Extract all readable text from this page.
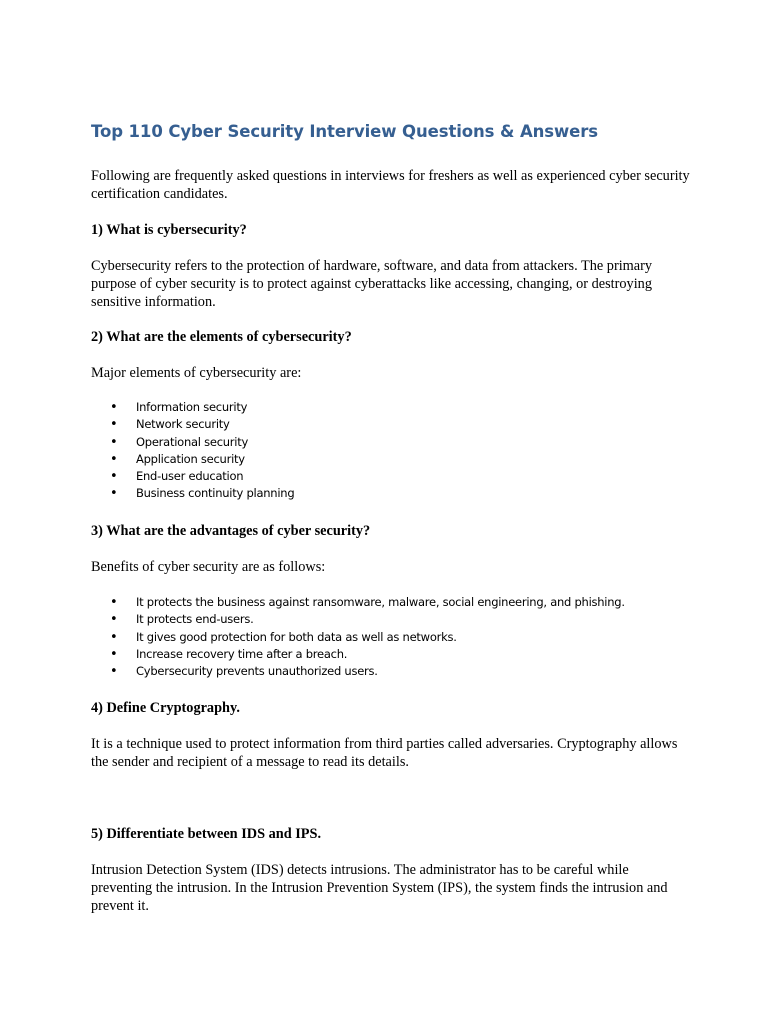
Top 110 Cyber Security Interview Questions & Answers

Following are frequently asked questions in interviews for freshers as well as experienced cyber security certification candidates.

1) What is cybersecurity?

Cybersecurity refers to the protection of hardware, software, and data from attackers. The primary purpose of cyber security is to protect against cyberattacks like accessing, changing, or destroying sensitive information.

2) What are the elements of cybersecurity?

Major elements of cybersecurity are:

• Information security
• Network security
• Operational security
• Application security
• End-user education
• Business continuity planning

3) What are the advantages of cyber security?

Benefits of cyber security are as follows:

• It protects the business against ransomware, malware, social engineering, and phishing.
• It protects end-users.
• It gives good protection for both data as well as networks.
• Increase recovery time after a breach.
• Cybersecurity prevents unauthorized users.

4) Define Cryptography.

It is a technique used to protect information from third parties called adversaries. Cryptography allows the sender and recipient of a message to read its details.

5) Differentiate between IDS and IPS.

Intrusion Detection System (IDS) detects intrusions. The administrator has to be careful while preventing the intrusion. In the Intrusion Prevention System (IPS), the system finds the intrusion and prevent it.
